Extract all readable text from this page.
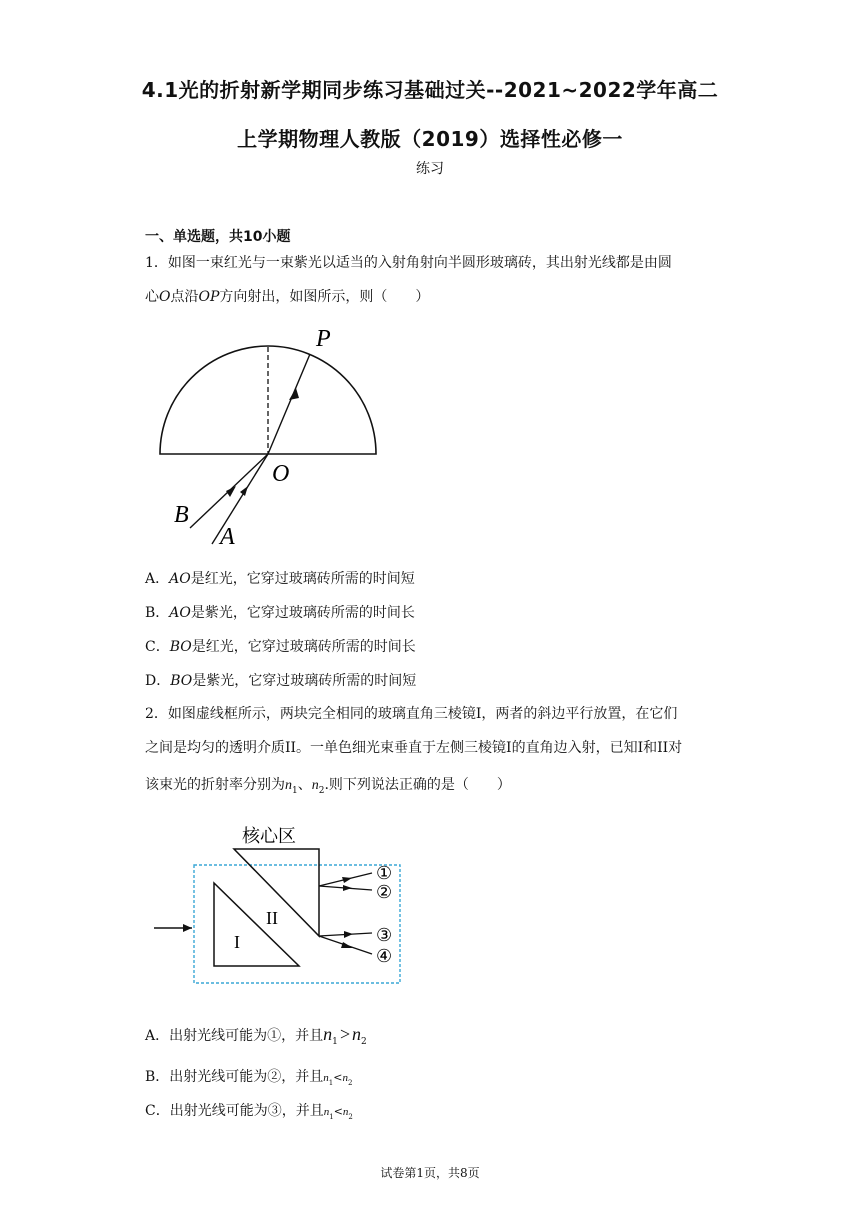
4.1光的折射新学期同步练习基础过关--2021~2022学年高二
上学期物理人教版（2019）选择性必修一
练习
一、单选题，共10小题
1．如图一束红光与一束紫光以适当的入射角射向半圆形玻璃砖，其出射光线都是由圆
心O点沿OP方向射出，如图所示，则（　　）
P
O
B
A
A．AO是红光，它穿过玻璃砖所需的时间短
B．AO是紫光，它穿过玻璃砖所需的时间长
C．BO是红光，它穿过玻璃砖所需的时间长
D．BO是紫光，它穿过玻璃砖所需的时间短
2．如图虚线框所示，两块完全相同的玻璃直角三棱镜I，两者的斜边平行放置，在它们
之间是均匀的透明介质II。一单色细光束垂直于左侧三棱镜I的直角边入射，已知I和II对
该束光的折射率分别为$n_1$、$n_2$.则下列说法正确的是（　　）
核心区
I
II
①
②
③
④
A．出射光线可能为①，并且$n_1>n_2$
B．出射光线可能为②，并且$n_1<n_2$
C．出射光线可能为③，并且$n_1<n_2$
试卷第1页，共8页
